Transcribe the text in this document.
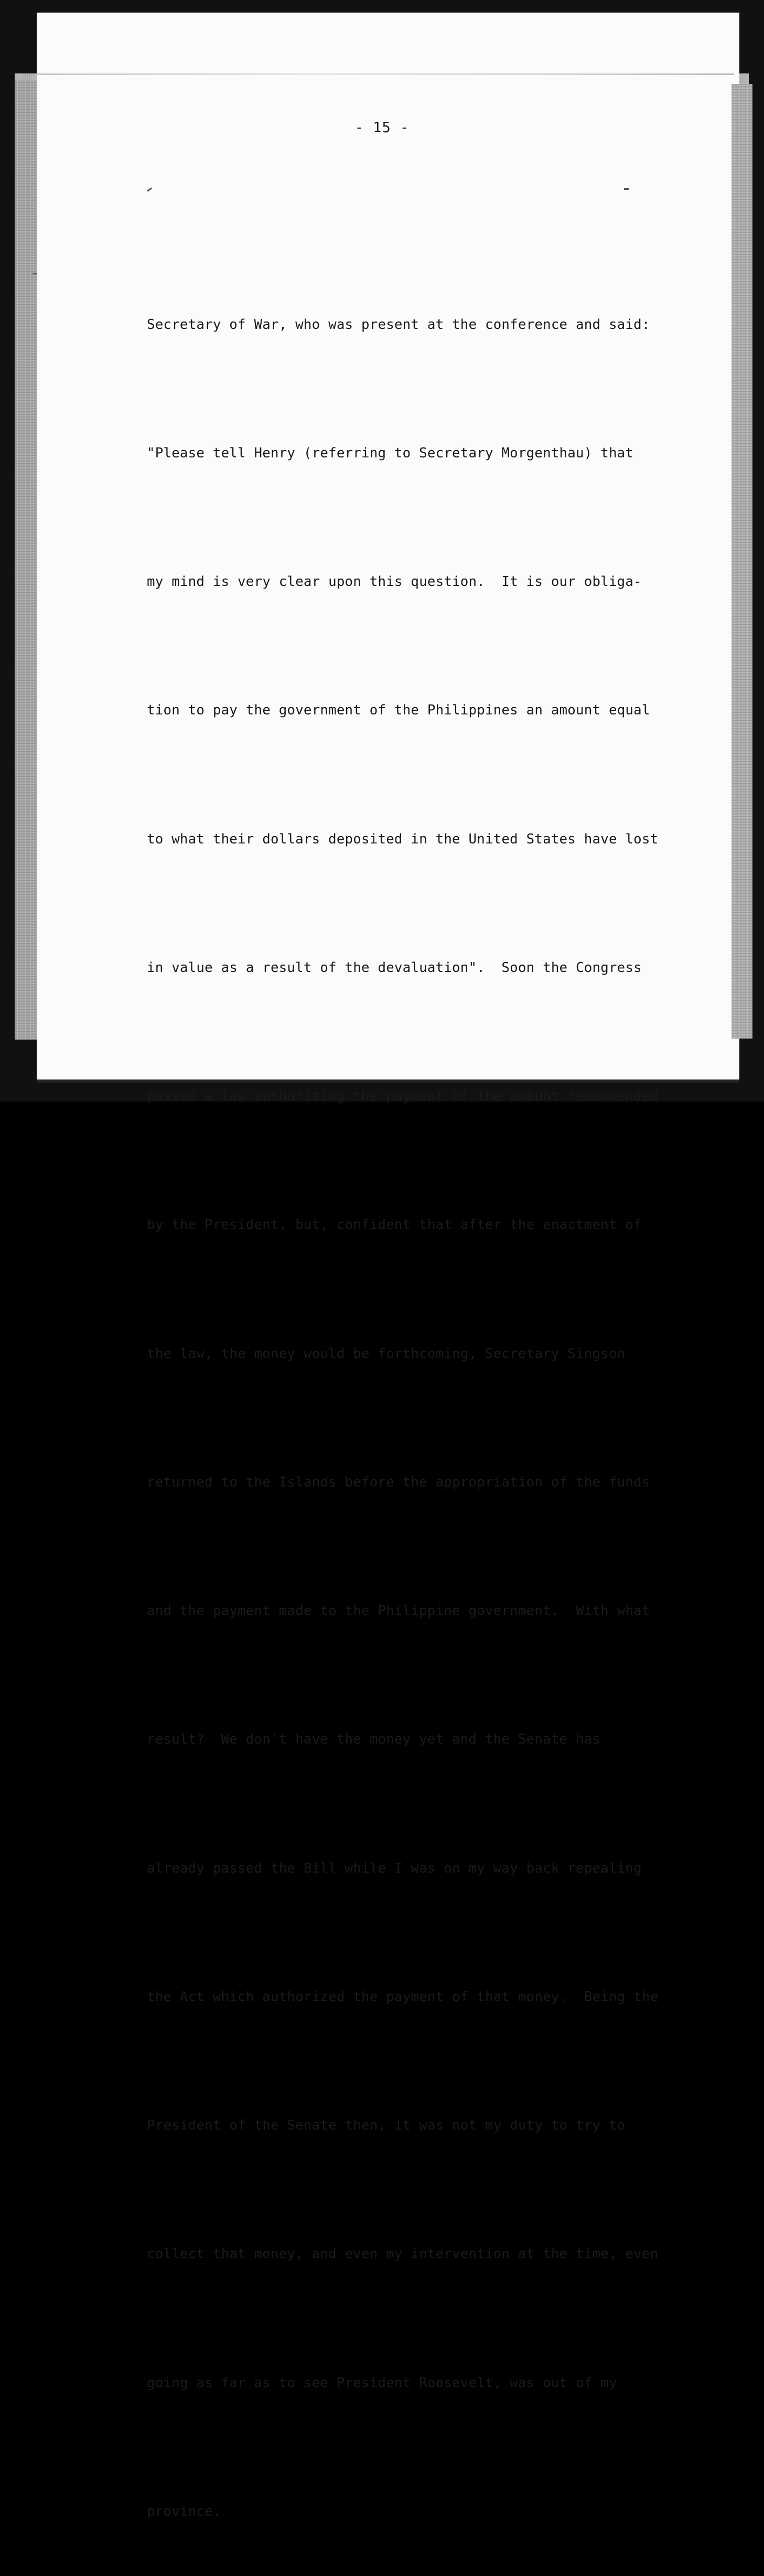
- 15 -

Secretary of War, who was present at the conference and said:

"Please tell Henry (referring to Secretary Morgenthau) that

my mind is very clear upon this question.  It is our obliga-

tion to pay the government of the Philippines an amount equal

to what their dollars deposited in the United States have lost

in value as a result of the devaluation".  Soon the Congress

passed a law authorizing the payment of the amount recommended

by the President, but, confident that after the enactment of

the law, the money would be forthcoming, Secretary Singson

returned to the Islands before the appropriation of the funds

and the payment made to the Philippine government.  With what

result?  We don't have the money yet and the Senate has

already passed the Bill while I was on my way back repealing

the Act which authorized the payment of that money.  Being the

President of the Senate then, it was not my duty to try to

collect that money, and even my intervention at the time, even

going as far as to see President Roosevelt, was out of my

province.
